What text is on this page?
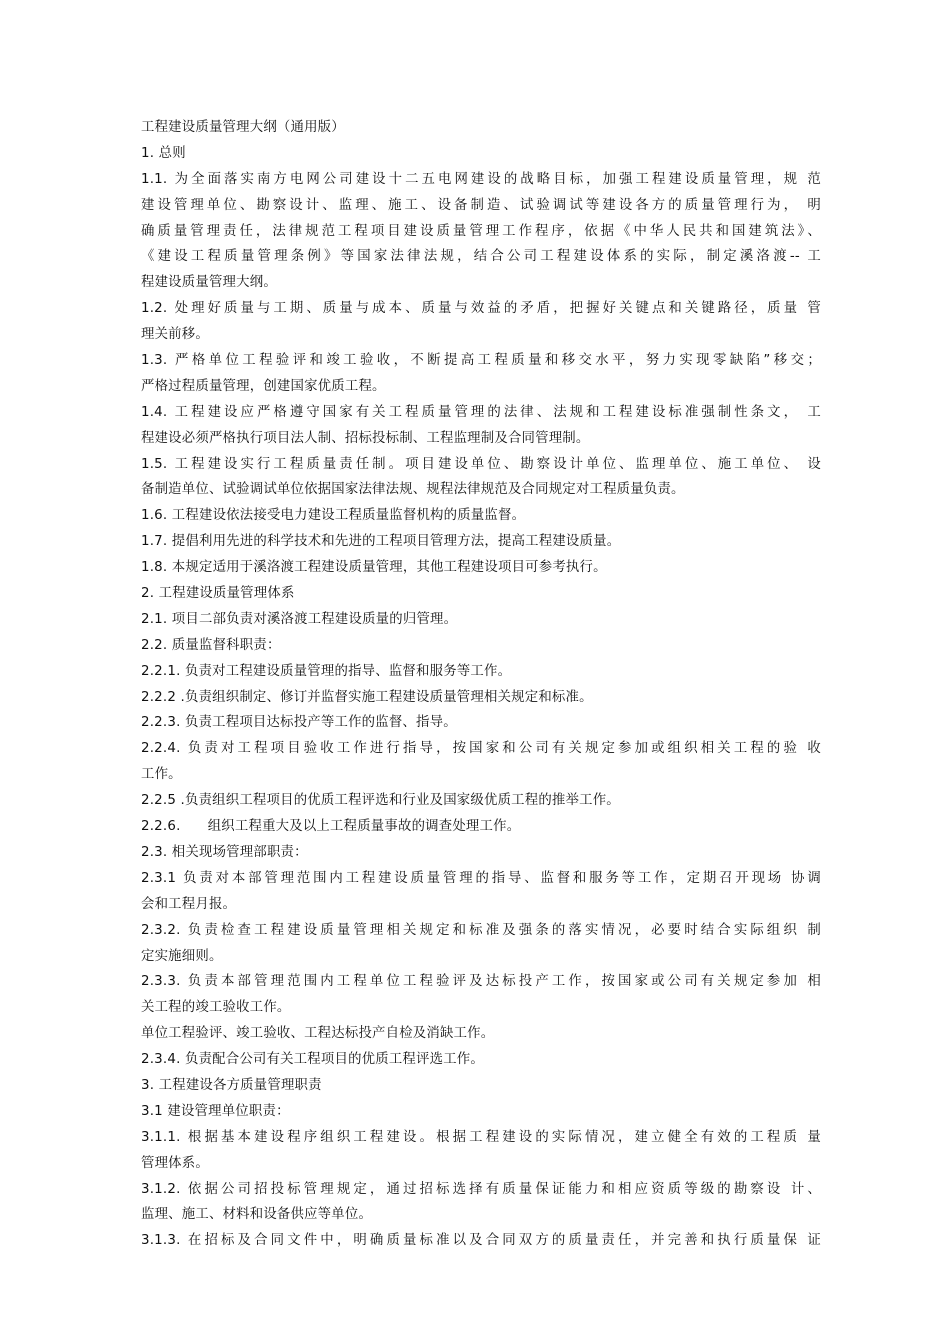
工程建设质量管理大纲（通用版）
1. 总则
1.1. 为全面落实南方电网公司建设十二五电网建设的战略目标，加强工程建设质量管理，规 范
建设管理单位、勘察设计、监理、施工、设备制造、试验调试等建设各方的质量管理行为， 明
确质量管理责任，法律规范工程项目建设质量管理工作程序，依据《中华人民共和国建筑法》、
《建设工程质量管理条例》等国家法律法规，结合公司工程建设体系的实际，制定溪洛渡-- 工
程建设质量管理大纲。
1.2. 处理好质量与工期、质量与成本、质量与效益的矛盾，把握好关键点和关键路径，质量 管
理关前移。
1.3. 严格单位工程验评和竣工验收，不断提高工程质量和移交水平，努力实现零缺陷”移交；
严格过程质量管理，创建国家优质工程。
1.4. 工程建设应严格遵守国家有关工程质量管理的法律、法规和工程建设标准强制性条文， 工
程建设必须严格执行项目法人制、招标投标制、工程监理制及合同管理制。
1.5. 工程建设实行工程质量责任制。项目建设单位、勘察设计单位、监理单位、施工单位、 设
备制造单位、试验调试单位依据国家法律法规、规程法律规范及合同规定对工程质量负责。
1.6. 工程建设依法接受电力建设工程质量监督机构的质量监督。
1.7. 提倡利用先进的科学技术和先进的工程项目管理方法，提高工程建设质量。
1.8. 本规定适用于溪洛渡工程建设质量管理，其他工程建设项目可参考执行。
2. 工程建设质量管理体系
2.1. 项目二部负责对溪洛渡工程建设质量的归管理。
2.2. 质量监督科职责：
2.2.1. 负责对工程建设质量管理的指导、监督和服务等工作。
2.2.2 .负责组织制定、修订并监督实施工程建设质量管理相关规定和标准。
2.2.3. 负责工程项目达标投产等工作的监督、指导。
2.2.4. 负责对工程项目验收工作进行指导，按国家和公司有关规定参加或组织相关工程的验 收
工作。
2.2.5 .负责组织工程项目的优质工程评选和行业及国家级优质工程的推举工作。
2.2.6.　　组织工程重大及以上工程质量事故的调查处理工作。
2.3. 相关现场管理部职责：
2.3.1 负责对本部管理范围内工程建设质量管理的指导、监督和服务等工作，定期召开现场 协调
会和工程月报。
2.3.2. 负责检查工程建设质量管理相关规定和标准及强条的落实情况，必要时结合实际组织 制
定实施细则。
2.3.3. 负责本部管理范围内工程单位工程验评及达标投产工作，按国家或公司有关规定参加 相
关工程的竣工验收工作。
单位工程验评、竣工验收、工程达标投产自检及消缺工作。
2.3.4. 负责配合公司有关工程项目的优质工程评选工作。
3. 工程建设各方质量管理职责
3.1 建设管理单位职责：
3.1.1. 根据基本建设程序组织工程建设。根据工程建设的实际情况，建立健全有效的工程质 量
管理体系。
3.1.2. 依据公司招投标管理规定，通过招标选择有质量保证能力和相应资质等级的勘察设 计、
监理、施工、材料和设备供应等单位。
3.1.3. 在招标及合同文件中，明确质量标准以及合同双方的质量责任，并完善和执行质量保 证
